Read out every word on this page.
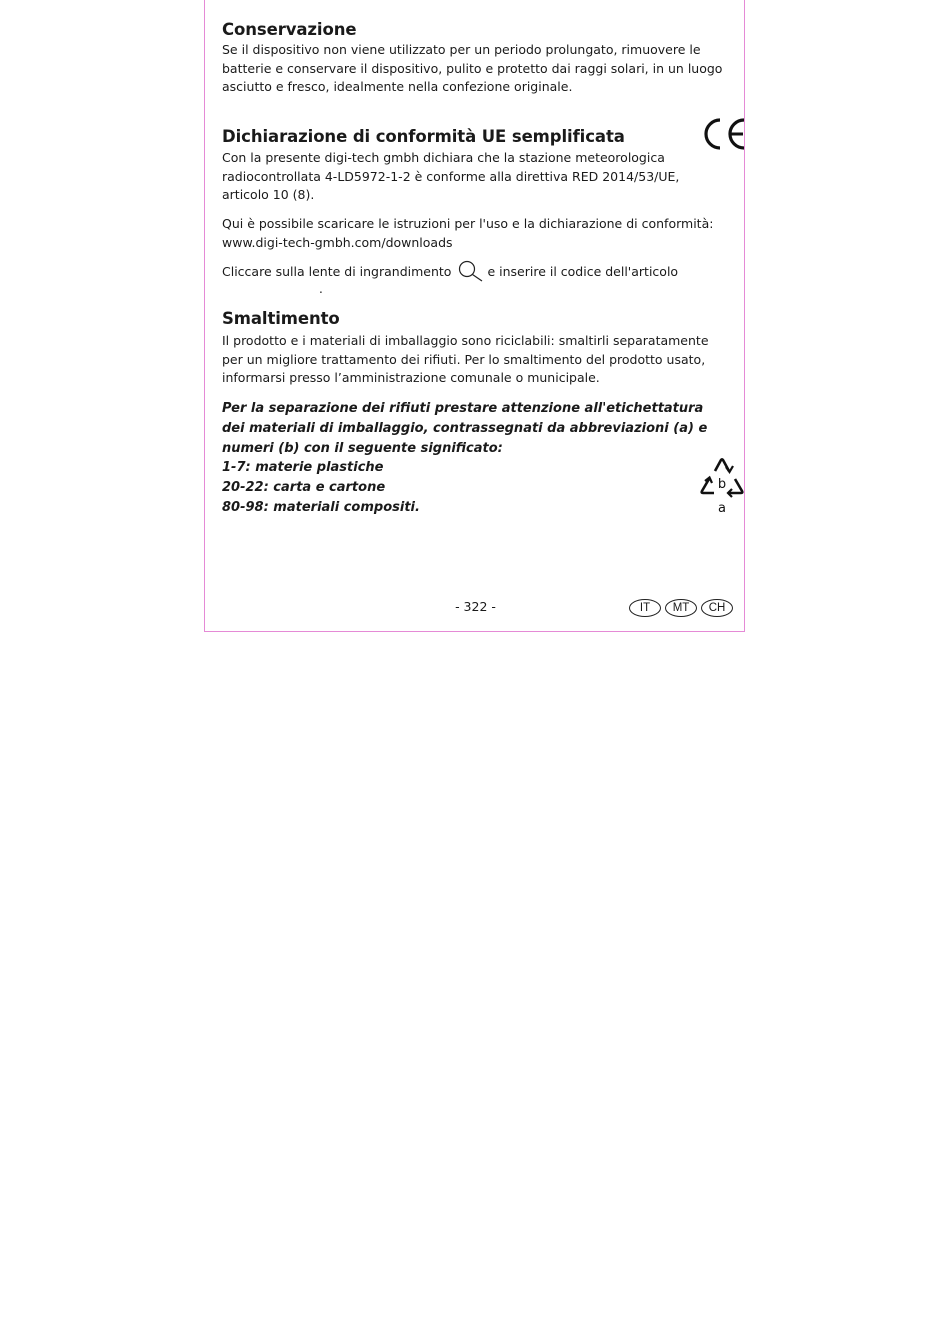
Conservazione

Se il dispositivo non viene utilizzato per un periodo prolungato, rimuovere le batterie e conservare il dispositivo, pulito e protetto dai raggi solari, in un luogo asciutto e fresco, idealmente nella confezione originale.

Dichiarazione di conformità UE semplificata

Con la presente digi-tech gmbh dichiara che la stazione meteorologica radiocontrollata 4-LD5972-1-2 è conforme alla direttiva RED 2014/53/UE, articolo 10 (8).

Qui è possibile scaricare le istruzioni per l'uso e la dichiarazione di conformità: www.digi-tech-gmbh.com/downloads

Cliccare sulla lente di ingrandimento	e inserire il codice dell'articolo

.
Smaltimento

Il prodotto e i materiali di imballaggio sono riciclabili: smaltirli separatamente per un migliore trattamento dei rifiuti. Per lo smaltimento del prodotto usato, informarsi presso l’amministrazione comunale o municipale.

Per la separazione dei rifiuti prestare attenzione all'etichettatura

dei materiali di imballaggio, contrassegnati da abbreviazioni (a) e

numeri (b) con il seguente significato:

1-7: materie plastiche

20-22: carta e cartone

80-98: materiali compositi.

b
a
- 322 -	IT	MT	CH
